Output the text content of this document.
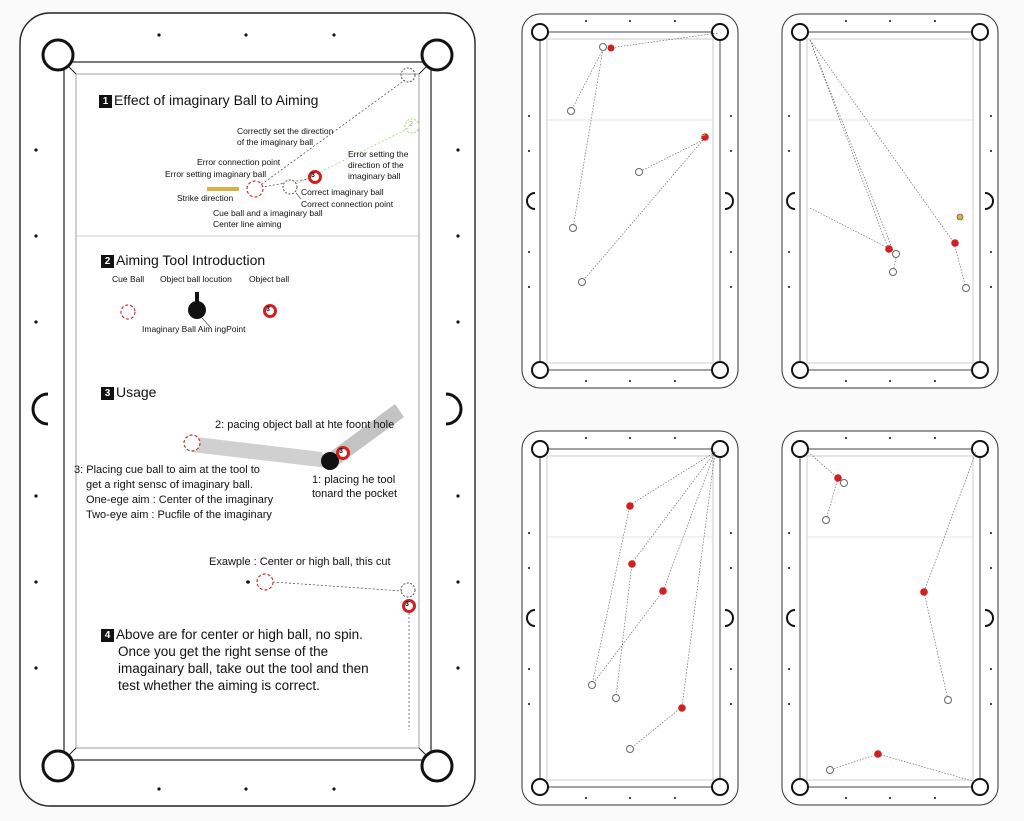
3
2
3
3
3
3
1 Effect of imaginary Ball to Aiming
Correctly set the direction
of the imaginary ball
Error setting the
direction of the
imaginary ball
Error connection point
Error setting imaginary ball
Strike direction
Correct imaginary ball
Correct connection point
Cue ball and a imaginary ball
Center line aiming
2 Aiming Tool Introduction
Cue Ball Object ball locution Object ball
Imaginary Ball Aim ingPoint
3 Usage
2: pacing object ball at hte foont hole
1: placing he tool
tonard the pocket
3: Placing cue ball to aim at the tool to
get a right sensc of imaginary ball.
One-ege aim : Center of the imaginary
Two-eye aim : Pucfile of the imaginary
Exawple : Center or high ball, this cut
4 Above are for center or high ball, no spin.
Once you get the right sense of the
imagainary ball, take out the tool and then
test whether the aiming is correct.
